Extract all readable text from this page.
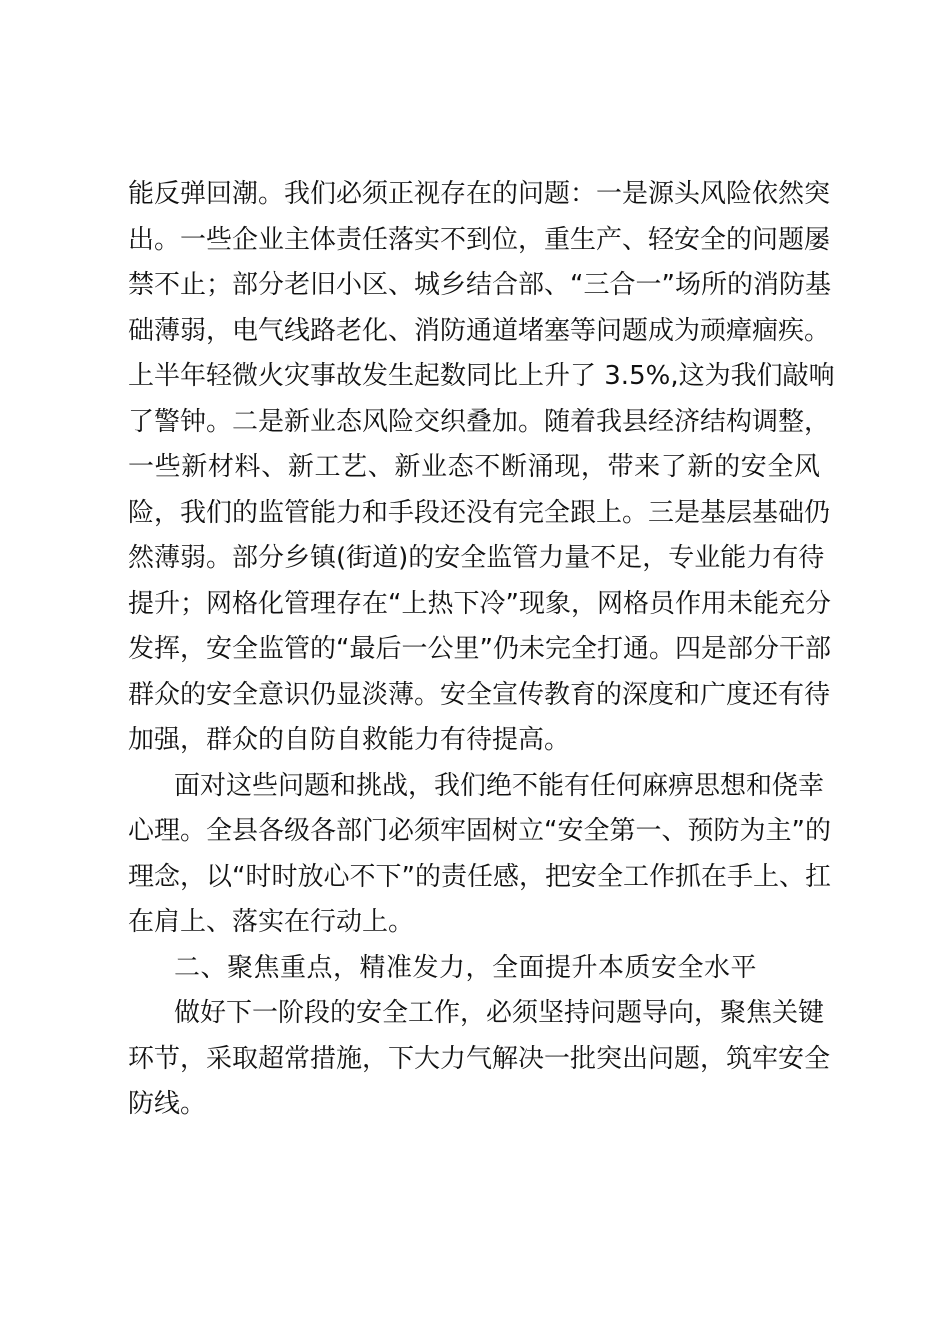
能反弹回潮。我们必须正视存在的问题：一是源头风险依然突
出。一些企业主体责任落实不到位，重生产、轻安全的问题屡
禁不止；部分老旧小区、城乡结合部、“三合一”场所的消防基
础薄弱，电气线路老化、消防通道堵塞等问题成为顽瘴痼疾。
上半年轻微火灾事故发生起数同比上升了 3.5%,这为我们敲响
了警钟。二是新业态风险交织叠加。随着我县经济结构调整，
一些新材料、新工艺、新业态不断涌现，带来了新的安全风
险，我们的监管能力和手段还没有完全跟上。三是基层基础仍
然薄弱。部分乡镇(街道)的安全监管力量不足，专业能力有待
提升；网格化管理存在“上热下冷”现象，网格员作用未能充分
发挥，安全监管的“最后一公里”仍未完全打通。四是部分干部
群众的安全意识仍显淡薄。安全宣传教育的深度和广度还有待
加强，群众的自防自救能力有待提高。
面对这些问题和挑战，我们绝不能有任何麻痹思想和侥幸
心理。全县各级各部门必须牢固树立“安全第一、预防为主”的
理念，以“时时放心不下”的责任感，把安全工作抓在手上、扛
在肩上、落实在行动上。
二、聚焦重点，精准发力，全面提升本质安全水平
做好下一阶段的安全工作，必须坚持问题导向，聚焦关键
环节，采取超常措施，下大力气解决一批突出问题，筑牢安全
防线。
